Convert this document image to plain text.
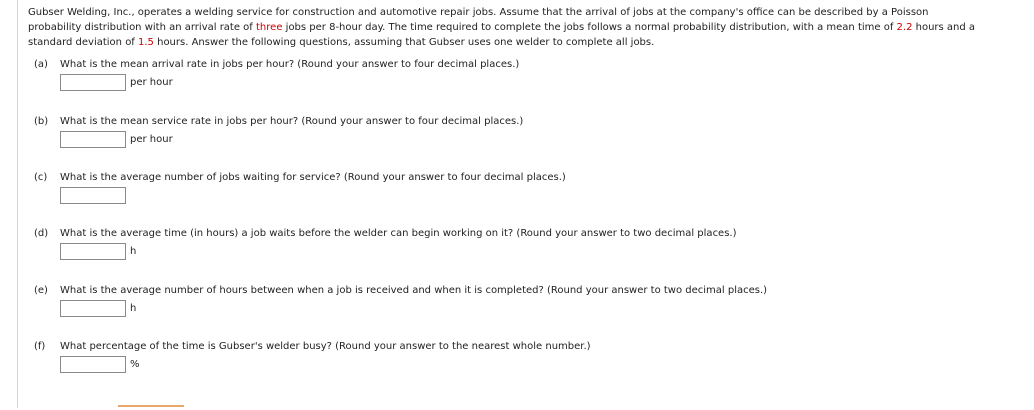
Gubser Welding, Inc., operates a welding service for construction and automotive repair jobs. Assume that the arrival of jobs at the company's office can be described by a Poisson

probability distribution with an arrival rate of three jobs per 8-hour day. The time required to complete the jobs follows a normal probability distribution, with a mean time of 2.2 hours and a

standard deviation of 1.5 hours. Answer the following questions, assuming that Gubser uses one welder to complete all jobs.

(a) What is the mean arrival rate in jobs per hour? (Round your answer to four decimal places.)
per hour
(b) What is the mean service rate in jobs per hour? (Round your answer to four decimal places.)
per hour
(c) What is the average number of jobs waiting for service? (Round your answer to four decimal places.)
(d) What is the average time (in hours) a job waits before the welder can begin working on it? (Round your answer to two decimal places.)
h
(e) What is the average number of hours between when a job is received and when it is completed? (Round your answer to two decimal places.)
h
(f) What percentage of the time is Gubser's welder busy? (Round your answer to the nearest whole number.)
%
